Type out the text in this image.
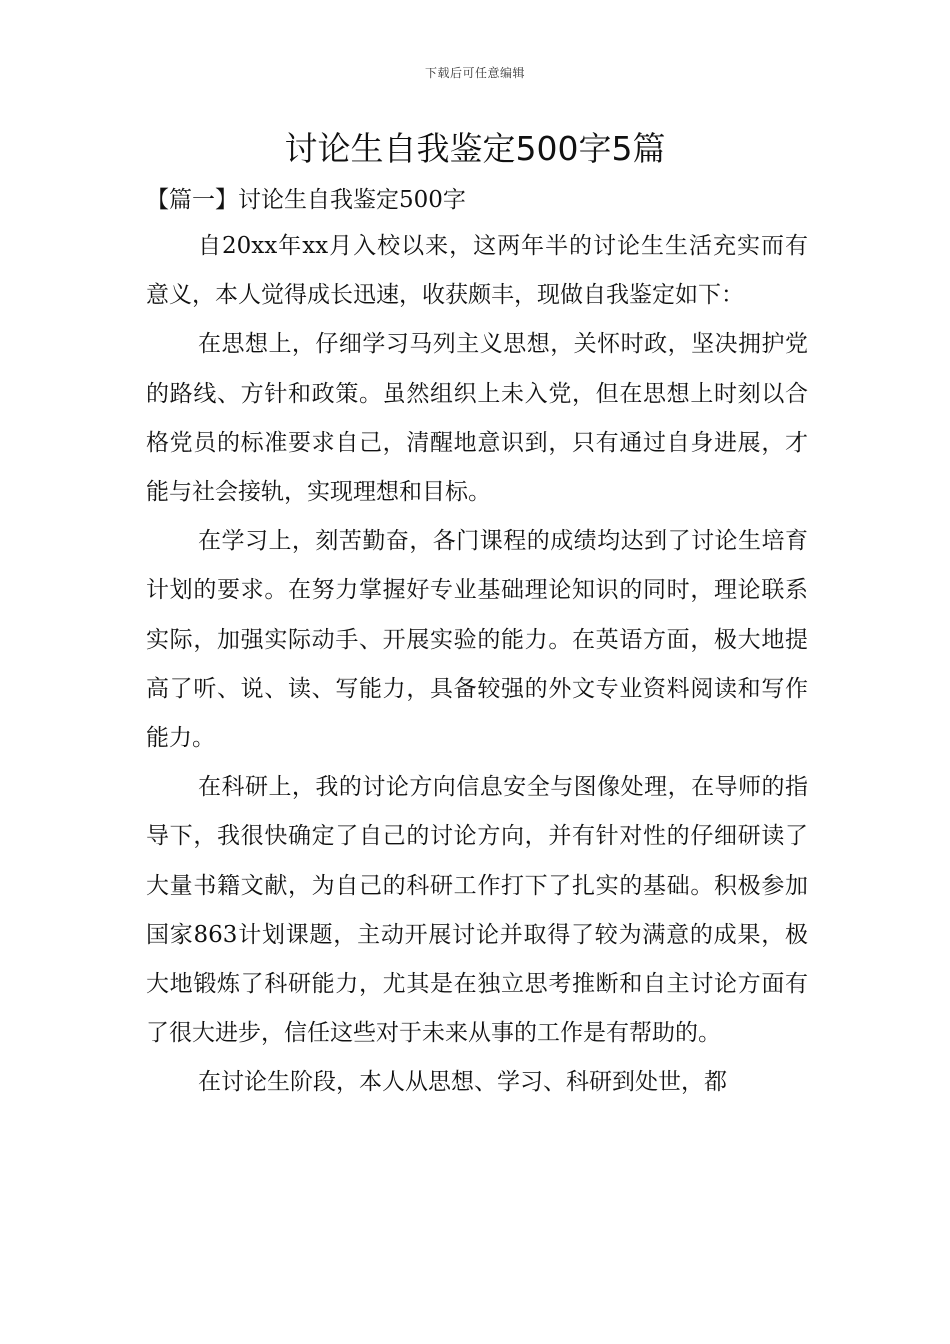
下载后可任意编辑
讨论生自我鉴定500字5篇
【篇一】讨论生自我鉴定500字

自20xx年xx月入校以来，这两年半的讨论生生活充实而有意义，本人觉得成长迅速，收获颇丰，现做自我鉴定如下：

在思想上，仔细学习马列主义思想，关怀时政，坚决拥护党的路线、方针和政策。虽然组织上未入党，但在思想上时刻以合格党员的标准要求自己，清醒地意识到，只有通过自身进展，才能与社会接轨，实现理想和目标。

在学习上，刻苦勤奋，各门课程的成绩均达到了讨论生培育计划的要求。在努力掌握好专业基础理论知识的同时，理论联系实际，加强实际动手、开展实验的能力。在英语方面，极大地提高了听、说、读、写能力，具备较强的外文专业资料阅读和写作能力。

在科研上，我的讨论方向信息安全与图像处理，在导师的指导下，我很快确定了自己的讨论方向，并有针对性的仔细研读了大量书籍文献，为自己的科研工作打下了扎实的基础。积极参加国家863计划课题，主动开展讨论并取得了较为满意的成果，极大地锻炼了科研能力，尤其是在独立思考推断和自主讨论方面有了很大进步，信任这些对于未来从事的工作是有帮助的。

在讨论生阶段，本人从思想、学习、科研到处世，都
